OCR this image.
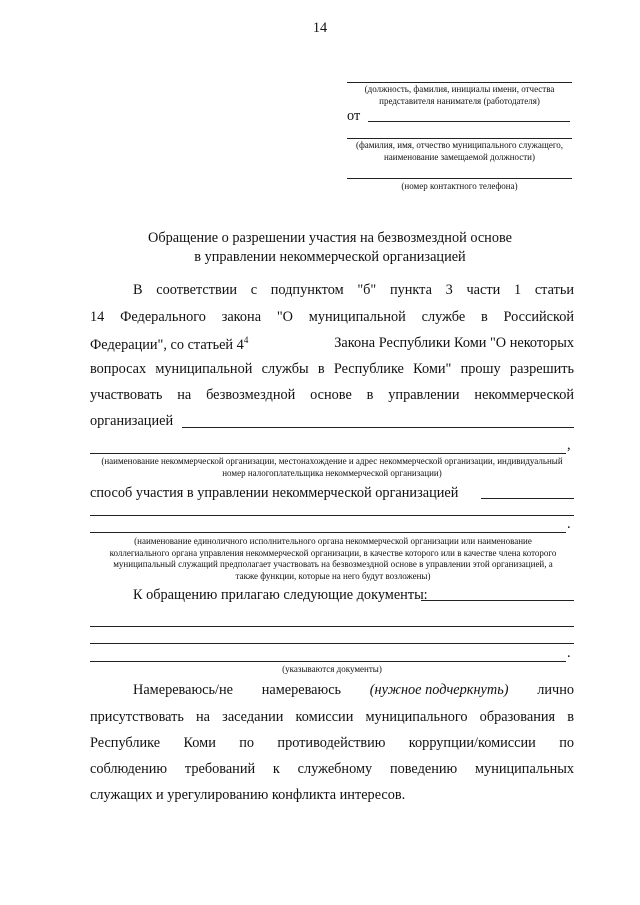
14
(должность, фамилия, инициалы имени, отчества представителя нанимателя (работодателя)
от
(фамилия, имя, отчество муниципального служащего, наименование замещаемой должности)
(номер контактного телефона)
Обращение о разрешении участия на безвозмездной основе
в управлении некоммерческой организацией
В соответствии с подпунктом "б" пункта 3 части 1 статьи
14 Федерального закона "О муниципальной службе в Российской
Федерации", со статьей $4^4$	Закона Республики Коми "О некоторых
вопросах муниципальной службы в Республике Коми" прошу разрешить
участвовать на безвозмездной основе в управлении некоммерческой
организацией
,
(наименование некоммерческой организации, местонахождение и адрес некоммерческой организации, индивидуальный номер налогоплательщика некоммерческой организации)
способ участия в управлении некоммерческой организацией
.
(наименование единоличного исполнительного органа некоммерческой организации или наименование коллегиального органа управления некоммерческой организации, в качестве которого или в качестве члена которого муниципальный служащий предполагает участвовать на безвозмездной основе в управлении этой организацией, а также функции, которые на него будут возложены)
К обращению прилагаю следующие документы:
.
(указываются документы)
Намереваюсь/не намереваюсь (нужное подчеркнуть) лично
присутствовать на заседании комиссии муниципального образования в
Республике Коми по противодействию коррупции/комиссии по
соблюдению требований к служебному поведению муниципальных
служащих и урегулированию конфликта интересов.
